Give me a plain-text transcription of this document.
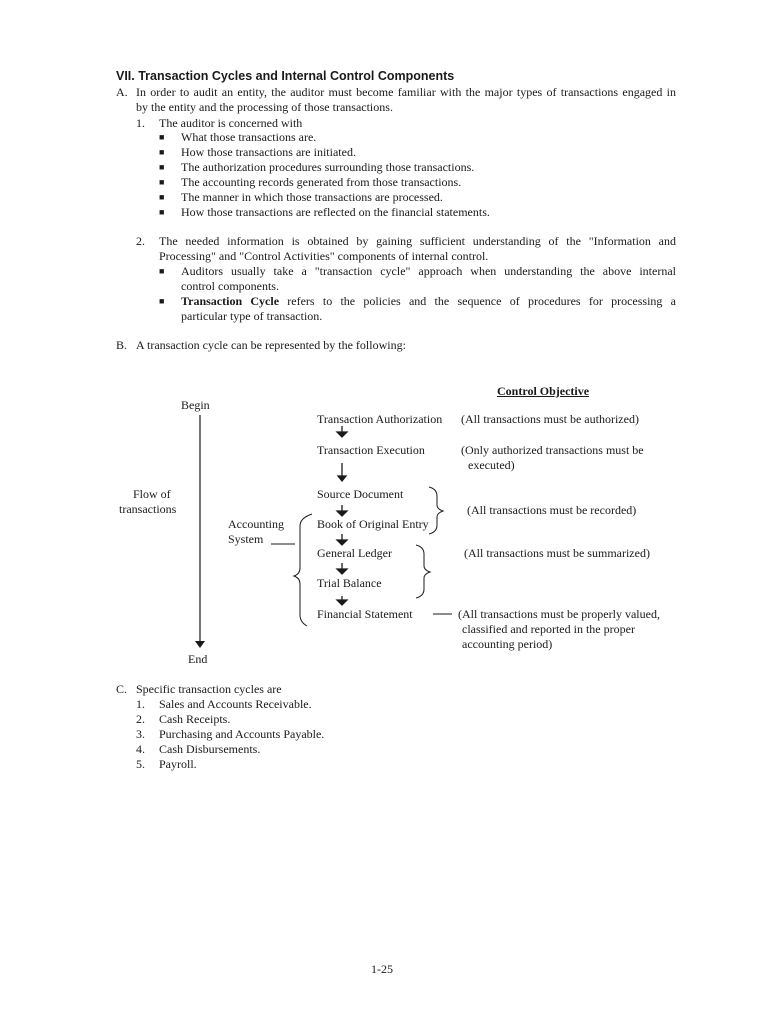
VII. Transaction Cycles and Internal Control Components
A. In order to audit an entity, the auditor must become familiar with the major types of transactions engaged in
by the entity and the processing of those transactions.
1. The auditor is concerned with
■ What those transactions are.
■ How those transactions are initiated.
■ The authorization procedures surrounding those transactions.
■ The accounting records generated from those transactions.
■ The manner in which those transactions are processed.
■ How those transactions are reflected on the financial statements.
2. The needed information is obtained by gaining sufficient understanding of the "Information and
Processing" and "Control Activities" components of internal control.
■ Auditors usually take a "transaction cycle" approach when understanding the above internal
control components.
■ Transaction Cycle refers to the policies and the sequence of procedures for processing a
particular type of transaction.
B. A transaction cycle can be represented by the following:
Control Objective
Begin
End
Flow of
transactions
Accounting
System
Transaction Authorization
Transaction Execution
Source Document
Book of Original Entry
General Ledger
Trial Balance
Financial Statement
(All transactions must be authorized)
(Only authorized transactions must be
executed)
(All transactions must be recorded)
(All transactions must be summarized)
(All transactions must be properly valued,
classified and reported in the proper
accounting period)
C. Specific transaction cycles are
1. Sales and Accounts Receivable.
2. Cash Receipts.
3. Purchasing and Accounts Payable.
4. Cash Disbursements.
5. Payroll.
1-25
